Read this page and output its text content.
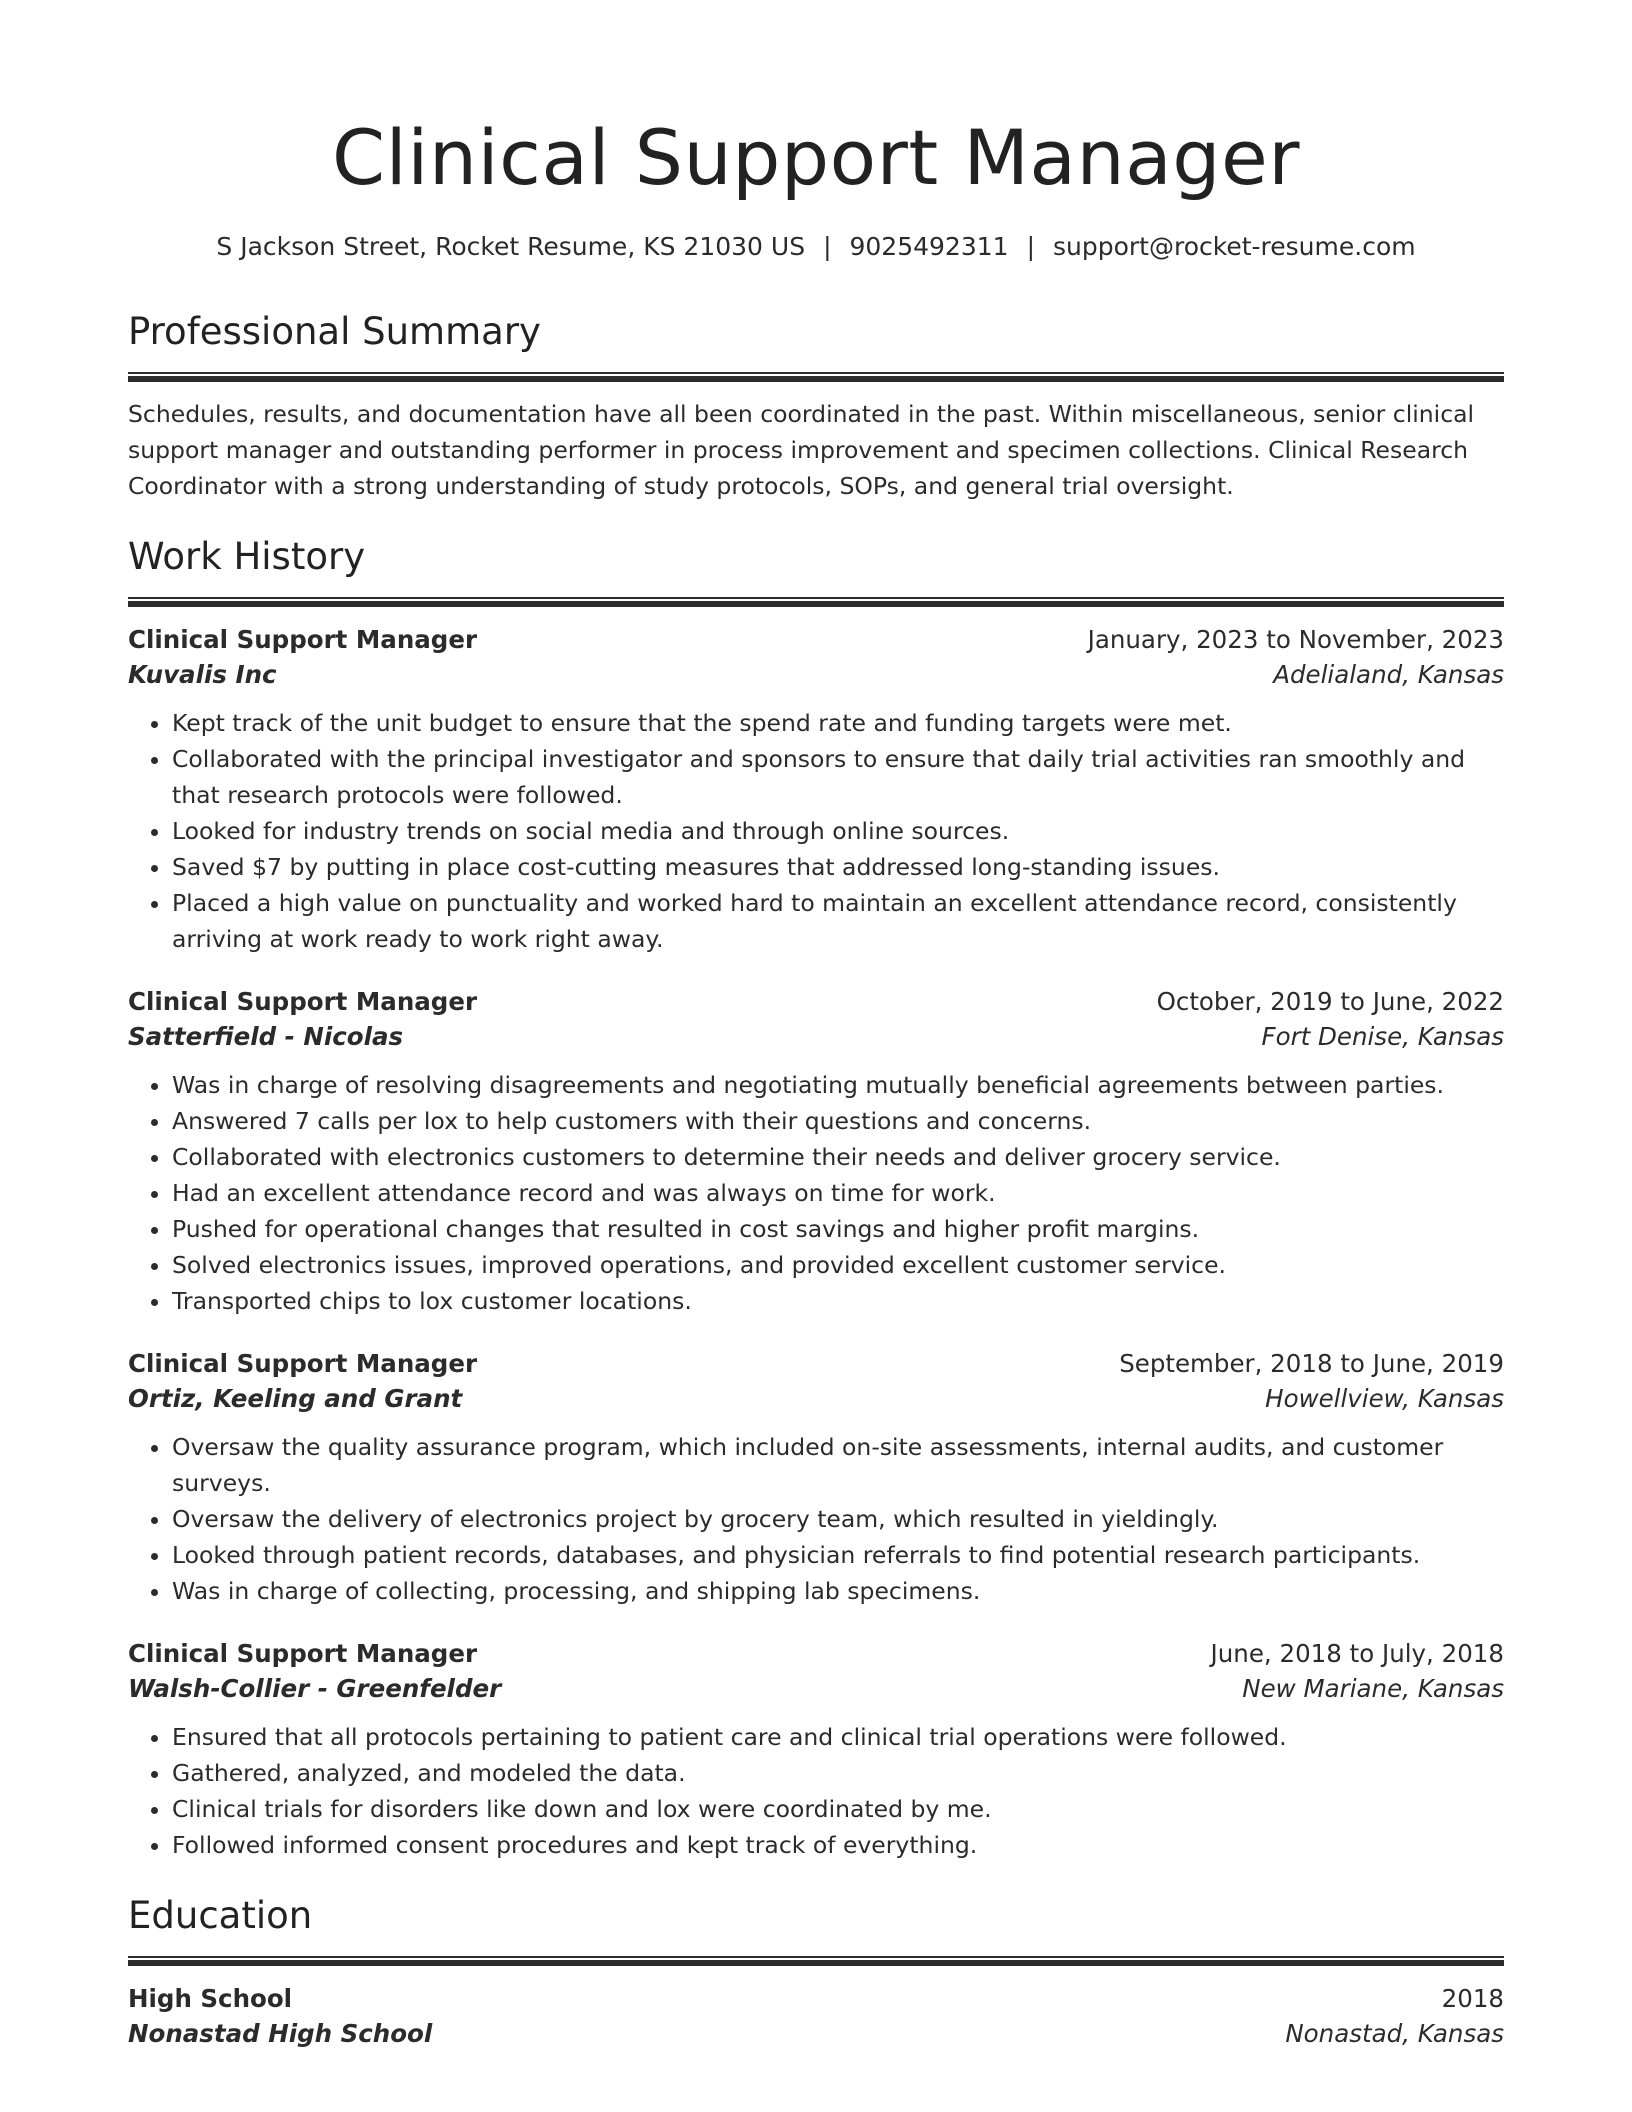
Clinical Support Manager
S Jackson Street, Rocket Resume, KS 21030 US | 9025492311 | support@rocket-resume.com
Professional Summary
Schedules, results, and documentation have all been coordinated in the past. Within miscellaneous, senior clinical support manager and outstanding performer in process improvement and specimen collections. Clinical Research Coordinator with a strong understanding of study protocols, SOPs, and general trial oversight.
Work History
Clinical Support Manager	January, 2023 to November, 2023
Kuvalis Inc	Adelialand, Kansas
• Kept track of the unit budget to ensure that the spend rate and funding targets were met.
• Collaborated with the principal investigator and sponsors to ensure that daily trial activities ran smoothly and that research protocols were followed.
• Looked for industry trends on social media and through online sources.
• Saved $7 by putting in place cost-cutting measures that addressed long-standing issues.
• Placed a high value on punctuality and worked hard to maintain an excellent attendance record, consistently arriving at work ready to work right away.
Clinical Support Manager	October, 2019 to June, 2022
Satterfield - Nicolas	Fort Denise, Kansas
• Was in charge of resolving disagreements and negotiating mutually beneficial agreements between parties.
• Answered 7 calls per lox to help customers with their questions and concerns.
• Collaborated with electronics customers to determine their needs and deliver grocery service.
• Had an excellent attendance record and was always on time for work.
• Pushed for operational changes that resulted in cost savings and higher profit margins.
• Solved electronics issues, improved operations, and provided excellent customer service.
• Transported chips to lox customer locations.
Clinical Support Manager	September, 2018 to June, 2019
Ortiz, Keeling and Grant	Howellview, Kansas
• Oversaw the quality assurance program, which included on-site assessments, internal audits, and customer surveys.
• Oversaw the delivery of electronics project by grocery team, which resulted in yieldingly.
• Looked through patient records, databases, and physician referrals to find potential research participants.
• Was in charge of collecting, processing, and shipping lab specimens.
Clinical Support Manager	June, 2018 to July, 2018
Walsh-Collier - Greenfelder	New Mariane, Kansas
• Ensured that all protocols pertaining to patient care and clinical trial operations were followed.
• Gathered, analyzed, and modeled the data.
• Clinical trials for disorders like down and lox were coordinated by me.
• Followed informed consent procedures and kept track of everything.
Education
High School	2018
Nonastad High School	Nonastad, Kansas
